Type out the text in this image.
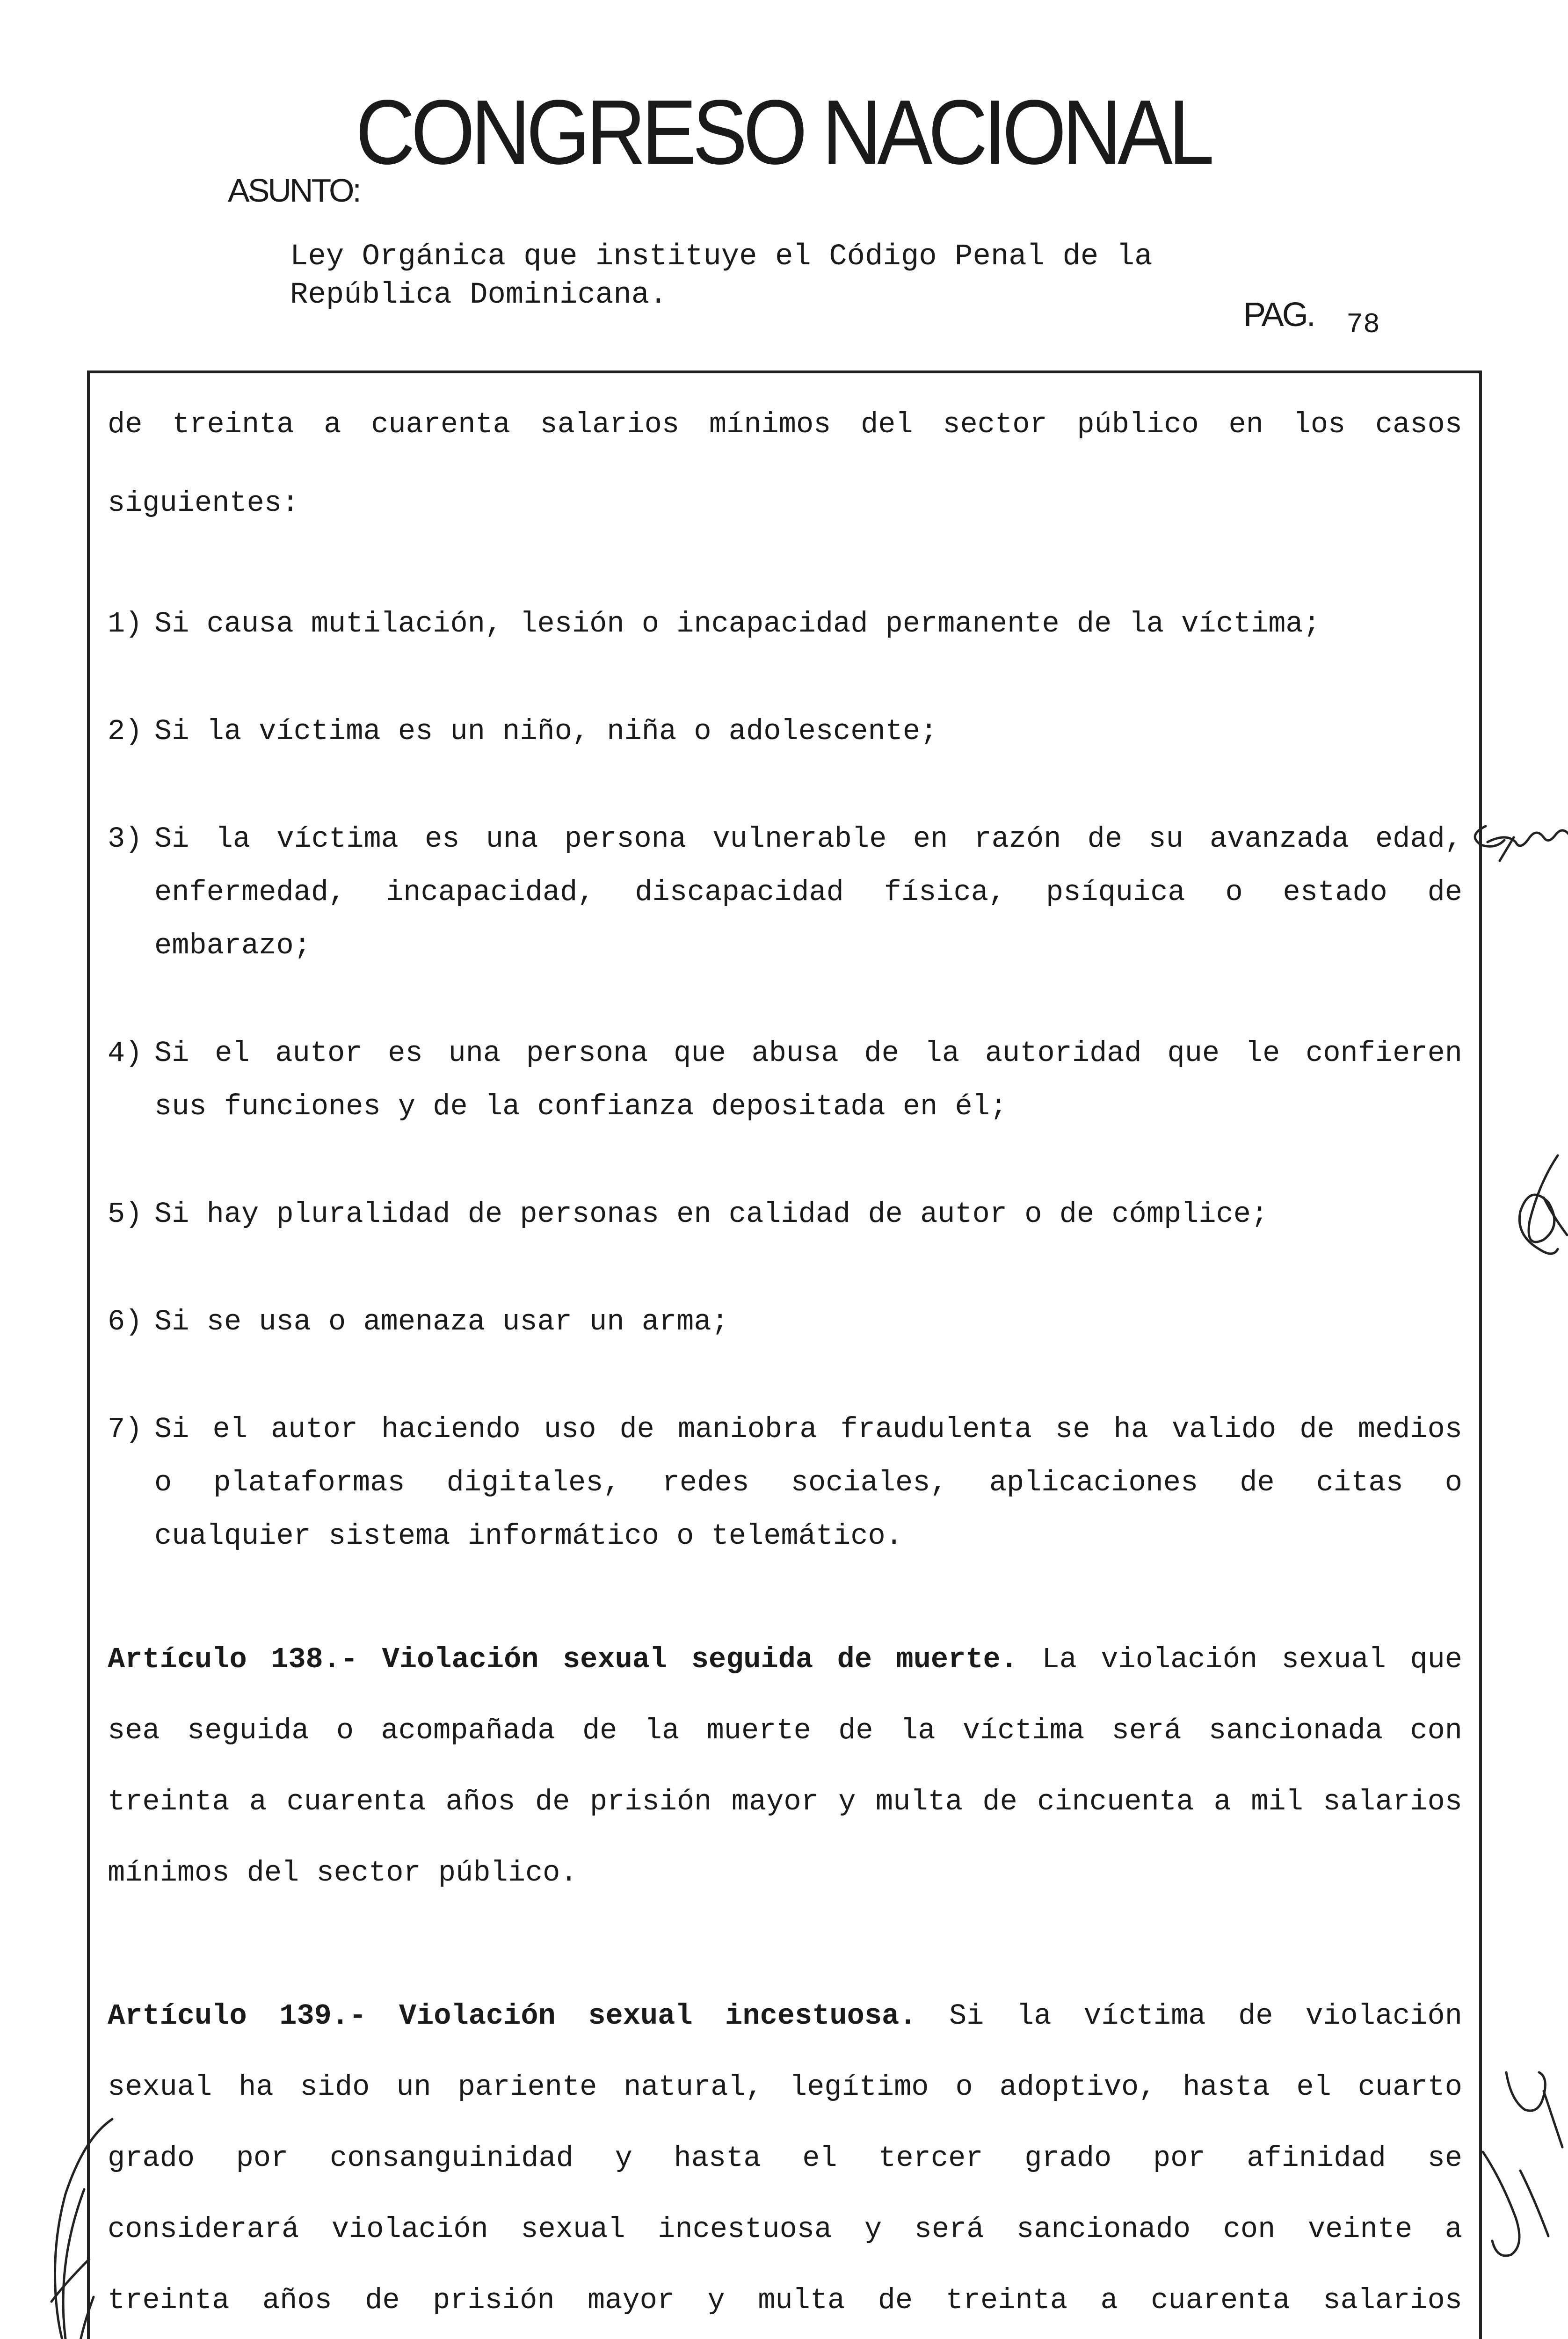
CONGRESO NACIONAL
ASUNTO:
Ley Orgánica que instituye el Código Penal de la
República Dominicana.
PAG. 78
de treinta a cuarenta salarios mínimos del sector público en los casos
siguientes:
1) Si causa mutilación, lesión o incapacidad permanente de la víctima;
2) Si la víctima es un niño, niña o adolescente;
3) Si la víctima es una persona vulnerable en razón de su avanzada edad,
enfermedad, incapacidad, discapacidad física, psíquica o estado de
embarazo;
4) Si el autor es una persona que abusa de la autoridad que le confieren
sus funciones y de la confianza depositada en él;
5) Si hay pluralidad de personas en calidad de autor o de cómplice;
6) Si se usa o amenaza usar un arma;
7) Si el autor haciendo uso de maniobra fraudulenta se ha valido de medios
o plataformas digitales, redes sociales, aplicaciones de citas o
cualquier sistema informático o telemático.
Artículo 138.- Violación sexual seguida de muerte. La violación sexual que
sea seguida o acompañada de la muerte de la víctima será sancionada con
treinta a cuarenta años de prisión mayor y multa de cincuenta a mil salarios
mínimos del sector público.
Artículo 139.- Violación sexual incestuosa. Si la víctima de violación
sexual ha sido un pariente natural, legítimo o adoptivo, hasta el cuarto
grado por consanguinidad y hasta el tercer grado por afinidad se
considerará violación sexual incestuosa y será sancionado con veinte a
treinta años de prisión mayor y multa de treinta a cuarenta salarios
